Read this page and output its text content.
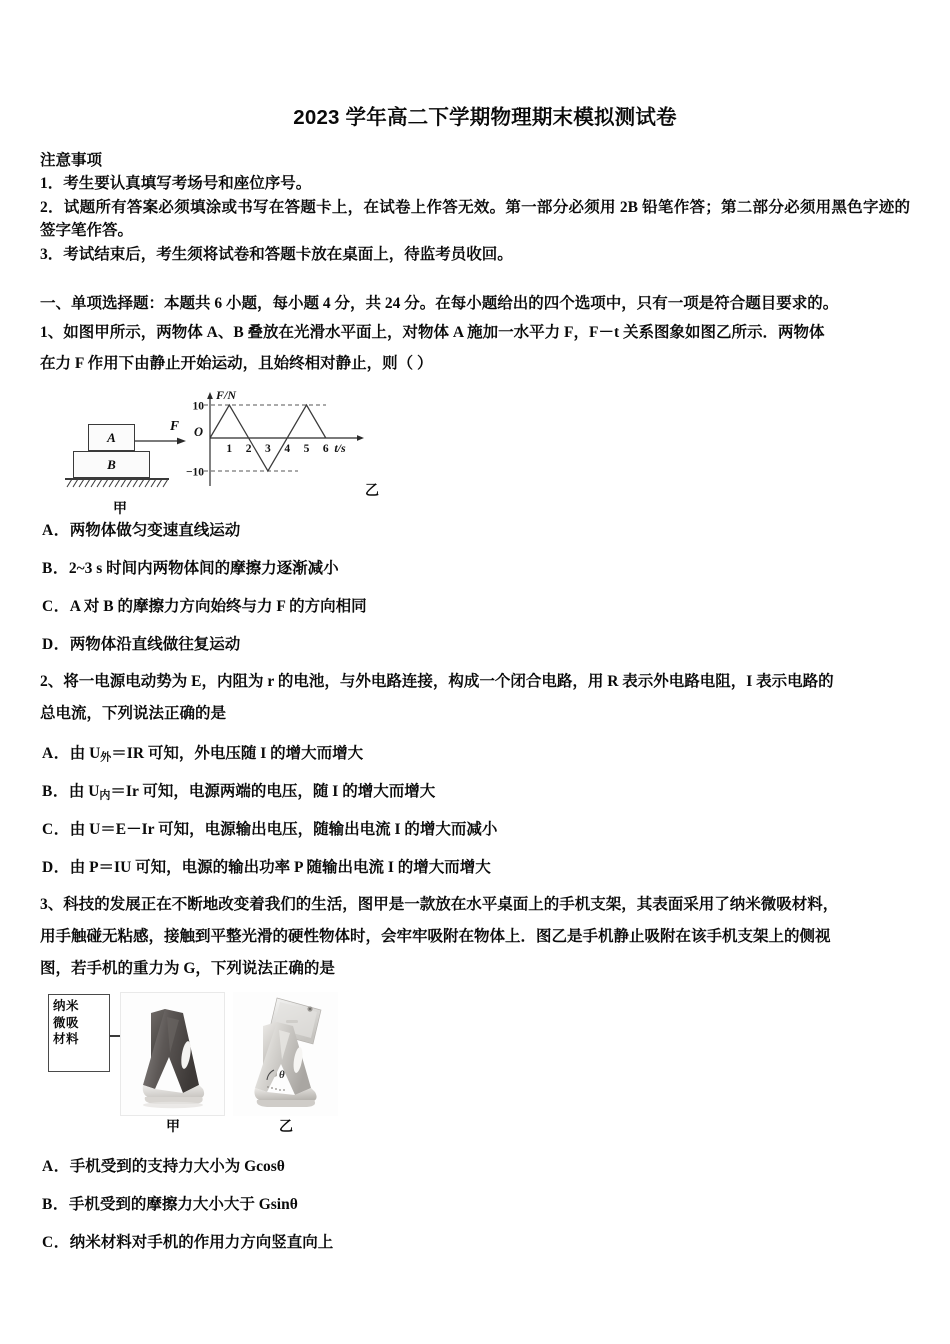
2023 学年高二下学期物理期末模拟测试卷
注意事项
1．考生要认真填写考场号和座位序号。
2．试题所有答案必须填涂或书写在答题卡上，在试卷上作答无效。第一部分必须用 2B 铅笔作答；第二部分必须用黑色字迹的签字笔作答。
3．考试结束后，考生须将试卷和答题卡放在桌面上，待监考员收回。
一、单项选择题：本题共 6 小题，每小题 4 分，共 24 分。在每小题给出的四个选项中，只有一项是符合题目要求的。
1、如图甲所示，两物体 A、B 叠放在光滑水平面上，对物体 A 施加一水平力 F，F－t 关系图象如图乙所示．两物体
在力 F 作用下由静止开始运动，且始终相对静止，则（ ）
A
B
F
甲
10
−10
O
1 2 3 4 5 6
F/N
t/s
乙
A．两物体做匀变速直线运动
B．2~3 s 时间内两物体间的摩擦力逐渐减小
C．A 对 B 的摩擦力方向始终与力 F 的方向相同
D．两物体沿直线做往复运动
2、将一电源电动势为 E，内阻为 r 的电池，与外电路连接，构成一个闭合电路，用 R 表示外电路电阻，I 表示电路的
总电流，下列说法正确的是
A．由 $U_外=IR$ 可知，外电压随 I 的增大而增大
B．由 $U_内=Ir$ 可知，电源两端的电压，随 I 的增大而增大
C．由 U＝E－Ir 可知，电源输出电压，随输出电流 I 的增大而减小
D．由 P＝IU 可知，电源的输出功率 P 随输出电流 I 的增大而增大
3、科技的发展正在不断地改变着我们的生活，图甲是一款放在水平桌面上的手机支架，其表面采用了纳米微吸材料，
用手触碰无粘感，接触到平整光滑的硬性物体时，会牢牢吸附在物体上．图乙是手机静止吸附在该手机支架上的侧视
图，若手机的重力为 G，下列说法正确的是
纳米
微吸
材料
甲
θ
乙
A．手机受到的支持力大小为 Gcosθ
B．手机受到的摩擦力大小大于 Gsinθ
C．纳米材料对手机的作用力方向竖直向上
